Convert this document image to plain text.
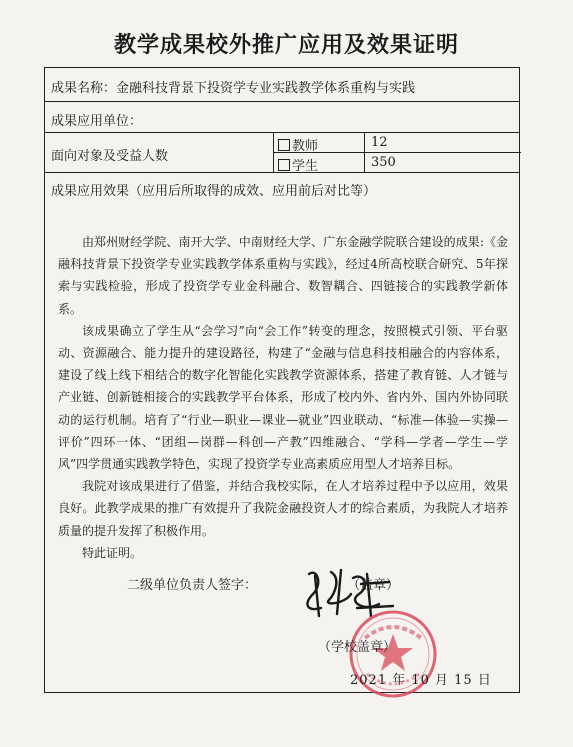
教学成果校外推广应用及效果证明
成果名称：金融科技背景下投资学专业实践教学体系重构与实践
成果应用单位：
面向对象及受益人数
教师	12
学生	350
成果应用效果（应用后所取得的成效、应用前后对比等）

由郑州财经学院、南开大学、中南财经大学、广东金融学院联合建设的成果:《金融科技背景下投资学专业实践教学体系重构与实践》，经过4所高校联合研究、5年探索与实践检验，形成了投资学专业金科融合、数智耦合、四链接合的实践教学新体系。

该成果确立了学生从“会学习”向“会工作”转变的理念，按照模式引领、平台驱动、资源融合、能力提升的建设路径，构建了“金融与信息科技相融合的内容体系，建设了线上线下相结合的数字化智能化实践教学资源体系，搭建了教育链、人才链与产业链、创新链相接合的实践教学平台体系，形成了校内外、省内外、国内外协同联动的运行机制。培育了“行业—职业—课业—就业”四业联动、“标准—体验—实操—评价”四环一体、“团组—岗群—科创—产教”四维融合、“学科—学者—学生—学风”四学贯通实践教学特色，实现了投资学专业高素质应用型人才培养目标。

我院对该成果进行了借鉴，并结合我校实际，在人才培养过程中予以应用，效果良好。此教学成果的推广有效提升了我院金融投资人才的综合素质，为我院人才培养质量的提升发挥了积极作用。

特此证明。

二级单位负责人签字：	（盖章）
（学校盖章）
2021 年 10 月 15 日
